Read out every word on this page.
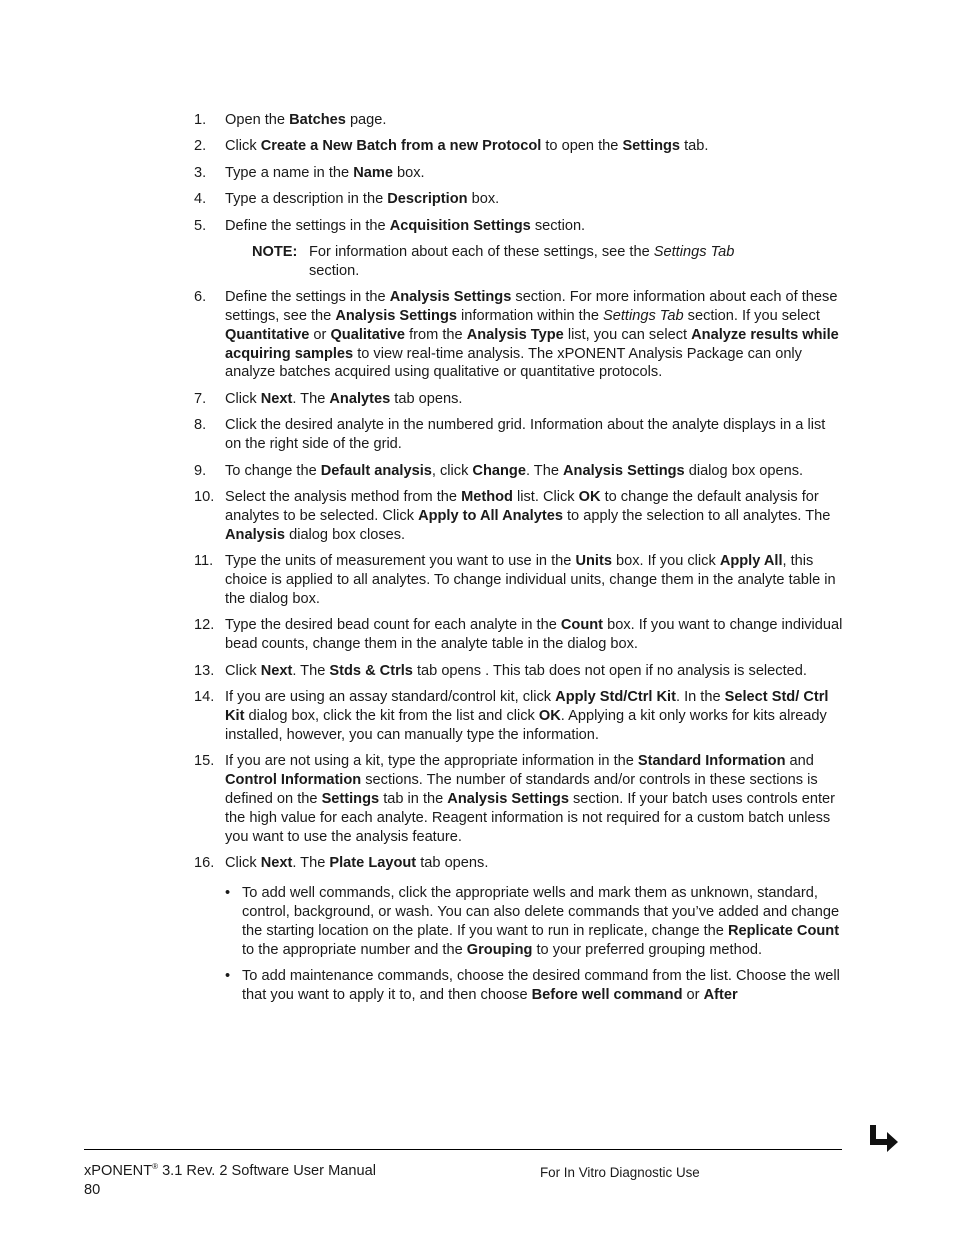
1.	Open the Batches page.
2.	Click Create a New Batch from a new Protocol to open the Settings tab.
3.	Type a name in the Name box.
4.	Type a description in the Description box.
5.	Define the settings in the Acquisition Settings section.
NOTE: For information about each of these settings, see the Settings Tab section.
6.	Define the settings in the Analysis Settings section. For more information about each of these settings, see the Analysis Settings information within the Settings Tab section. If you select Quantitative or Qualitative from the Analysis Type list, you can select Analyze results while acquiring samples to view real-time analysis. The xPONENT Analysis Package can only analyze batches acquired using qualitative or quantitative protocols.
7.	Click Next. The Analytes tab opens.
8.	Click the desired analyte in the numbered grid. Information about the analyte displays in a list on the right side of the grid.
9.	To change the Default analysis, click Change. The Analysis Settings dialog box opens.
10. Select the analysis method from the Method list. Click OK to change the default analysis for analytes to be selected. Click Apply to All Analytes to apply the selection to all analytes. The Analysis dialog box closes.
11. Type the units of measurement you want to use in the Units box. If you click Apply All, this choice is applied to all analytes. To change individual units, change them in the analyte table in the dialog box.
12. Type the desired bead count for each analyte in the Count box. If you want to change individual bead counts, change them in the analyte table in the dialog box.
13. Click Next. The Stds & Ctrls tab opens . This tab does not open if no analysis is selected.
14. If you are using an assay standard/control kit, click Apply Std/Ctrl Kit. In the Select Std/ Ctrl Kit dialog box, click the kit from the list and click OK. Applying a kit only works for kits already installed, however, you can manually type the information.
15. If you are not using a kit, type the appropriate information in the Standard Information and Control Information sections. The number of standards and/or controls in these sections is defined on the Settings tab in the Analysis Settings section. If your batch uses controls enter the high value for each analyte. Reagent information is not required for a custom batch unless you want to use the analysis feature.
16. Click Next. The Plate Layout tab opens.
• To add well commands, click the appropriate wells and mark them as unknown, standard, control, background, or wash. You can also delete commands that you’ve added and change the starting location on the plate. If you want to run in replicate, change the Replicate Count to the appropriate number and the Grouping to your preferred grouping method.
• To add maintenance commands, choose the desired command from the list. Choose the well that you want to apply it to, and then choose Before well command or After
xPONENT® 3.1 Rev. 2 Software User Manual
80
For In Vitro Diagnostic Use
